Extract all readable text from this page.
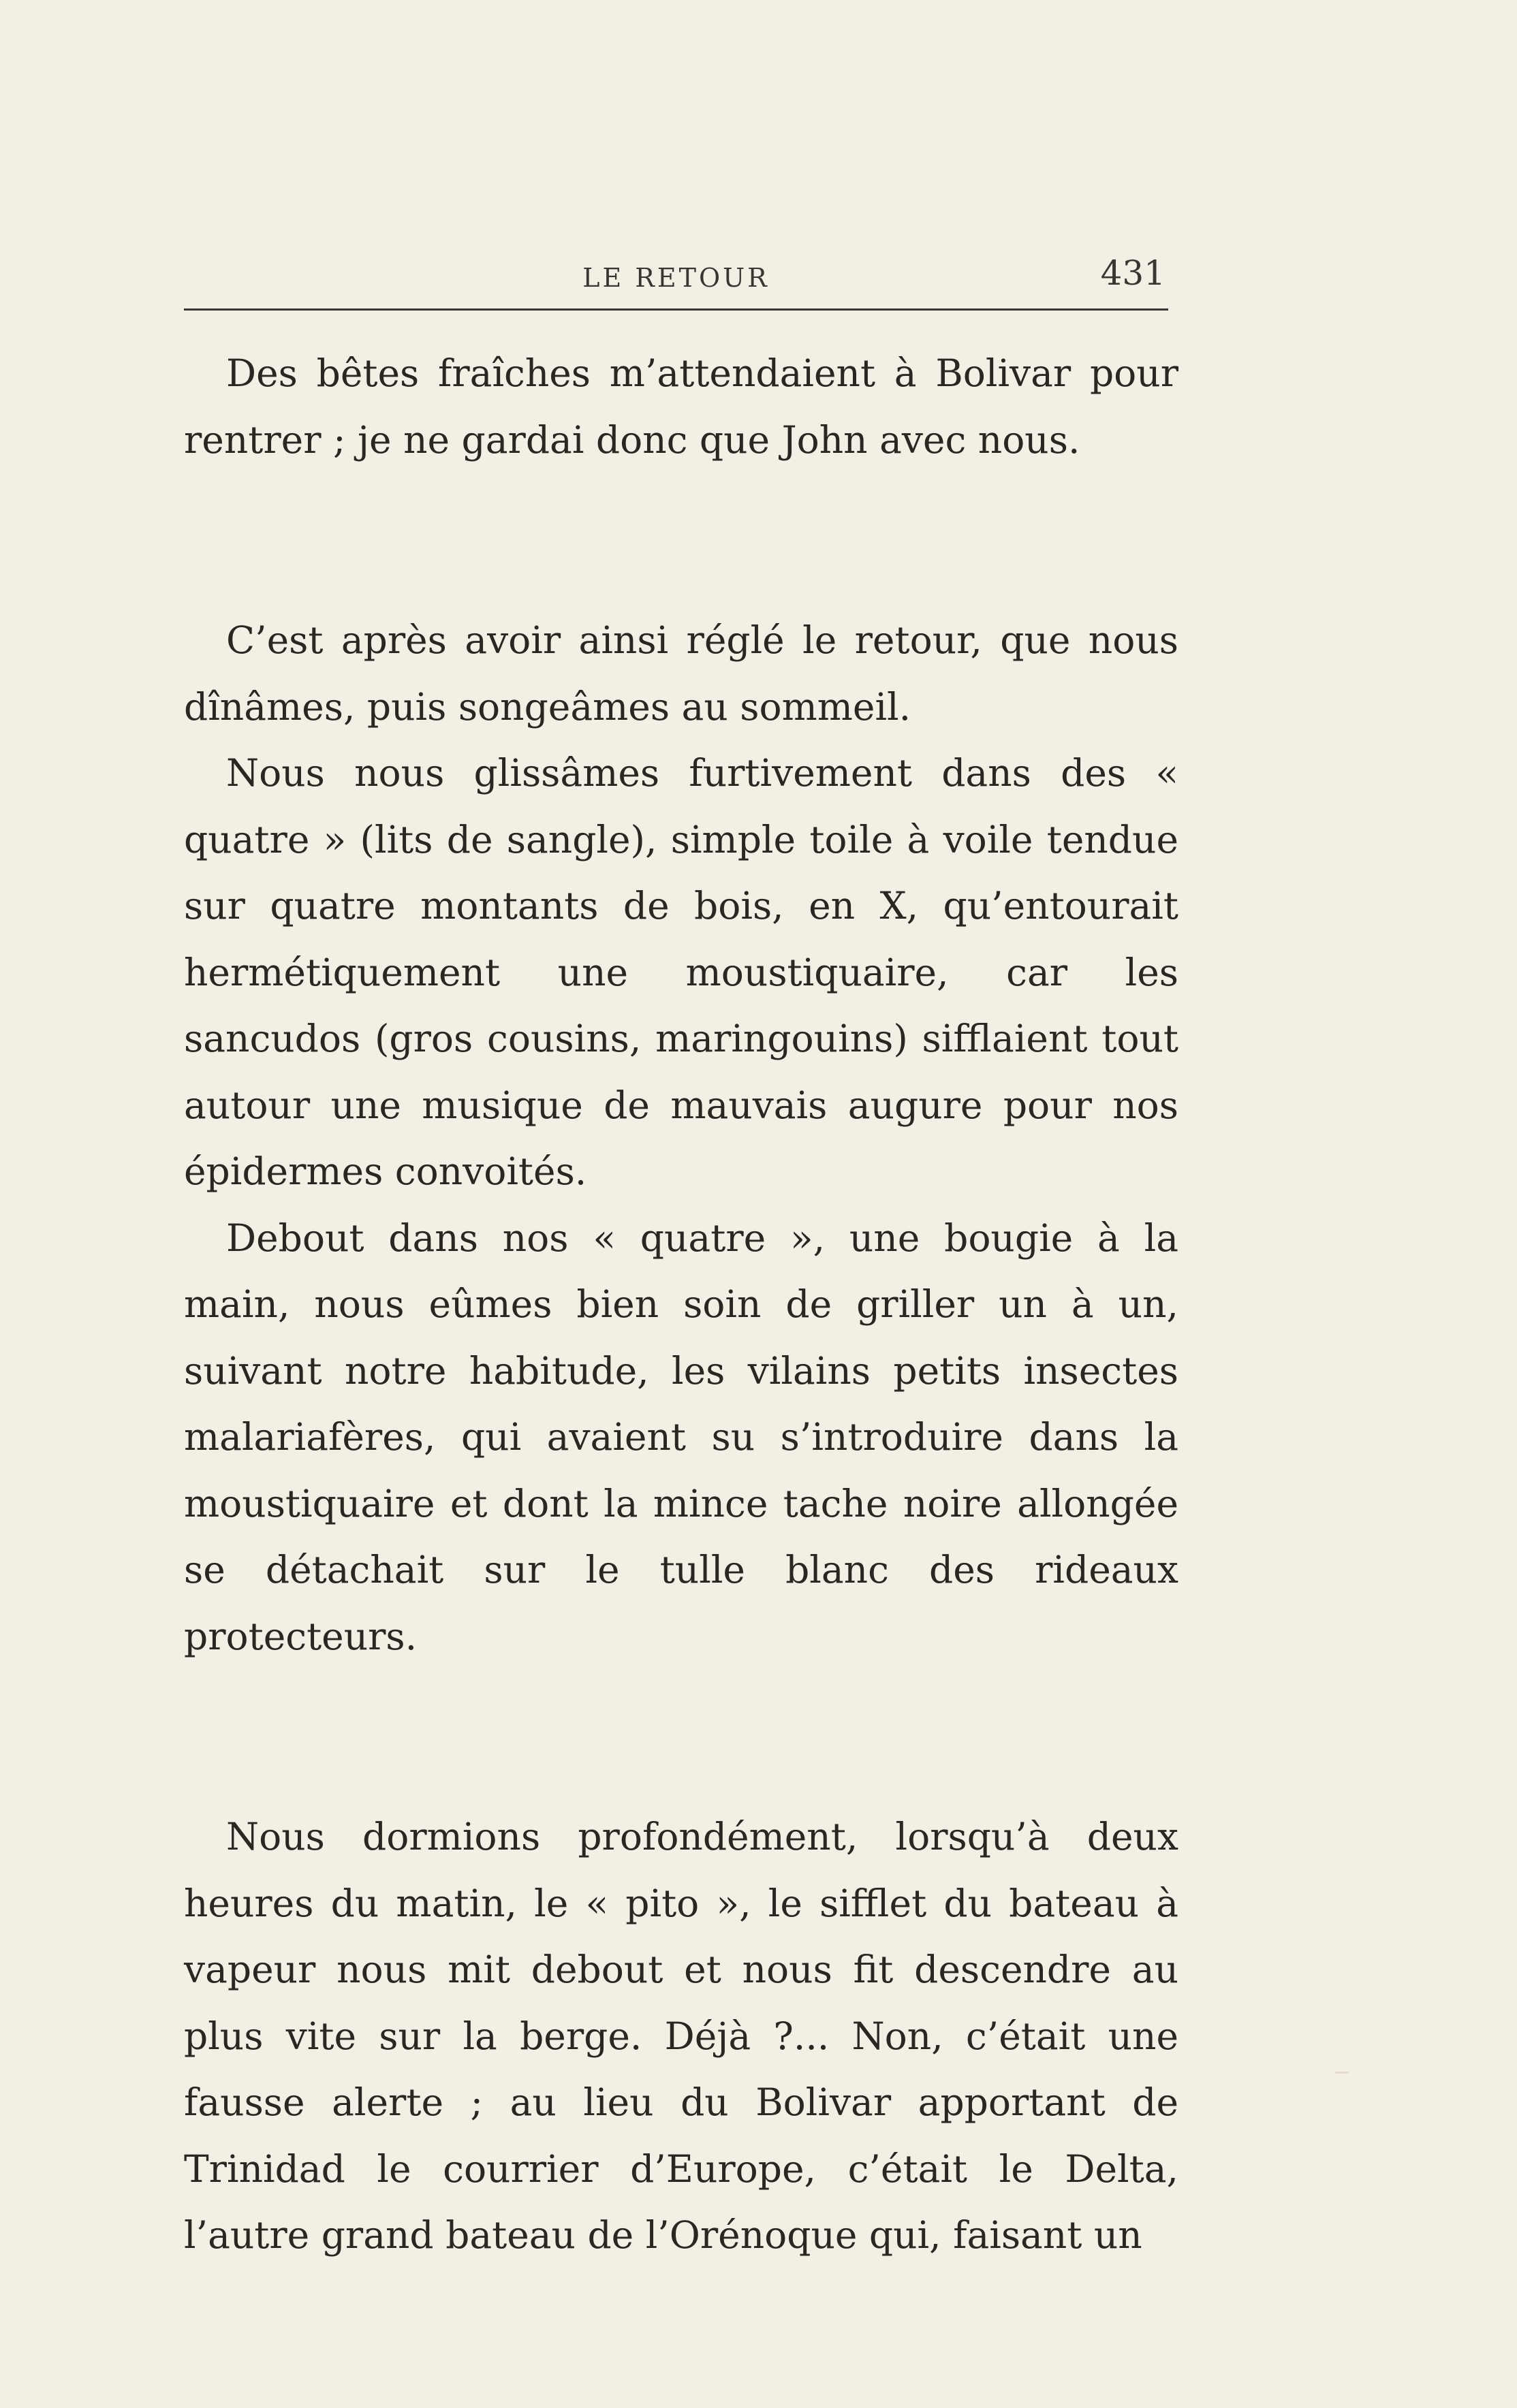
LE RETOUR	431

Des bêtes fraîches m’attendaient à Bolivar pour rentrer ; je ne gardai donc que John avec nous.

C’est après avoir ainsi réglé le retour, que nous dînâmes, puis songeâmes au sommeil.

Nous nous glissâmes furtivement dans des « quatre » (lits de sangle), simple toile à voile tendue sur quatre montants de bois, en X, qu’entourait hermétiquement une moustiquaire, car les sancudos (gros cousins, maringouins) sifflaient tout autour une musique de mauvais augure pour nos épidermes convoités.

Debout dans nos « quatre », une bougie à la main, nous eûmes bien soin de griller un à un, suivant notre habitude, les vilains petits insectes malariafères, qui avaient su s’introduire dans la moustiquaire et dont la mince tache noire allongée se détachait sur le tulle blanc des rideaux protecteurs.

Nous dormions profondément, lorsqu’à deux heures du matin, le « pito », le sifflet du bateau à vapeur nous mit debout et nous fit descendre au plus vite sur la berge. Déjà ?... Non, c’était une fausse alerte ; au lieu du Bolivar apportant de Trinidad le courrier d’Europe, c’était le Delta, l’autre grand bateau de l’Orénoque qui, faisant un
